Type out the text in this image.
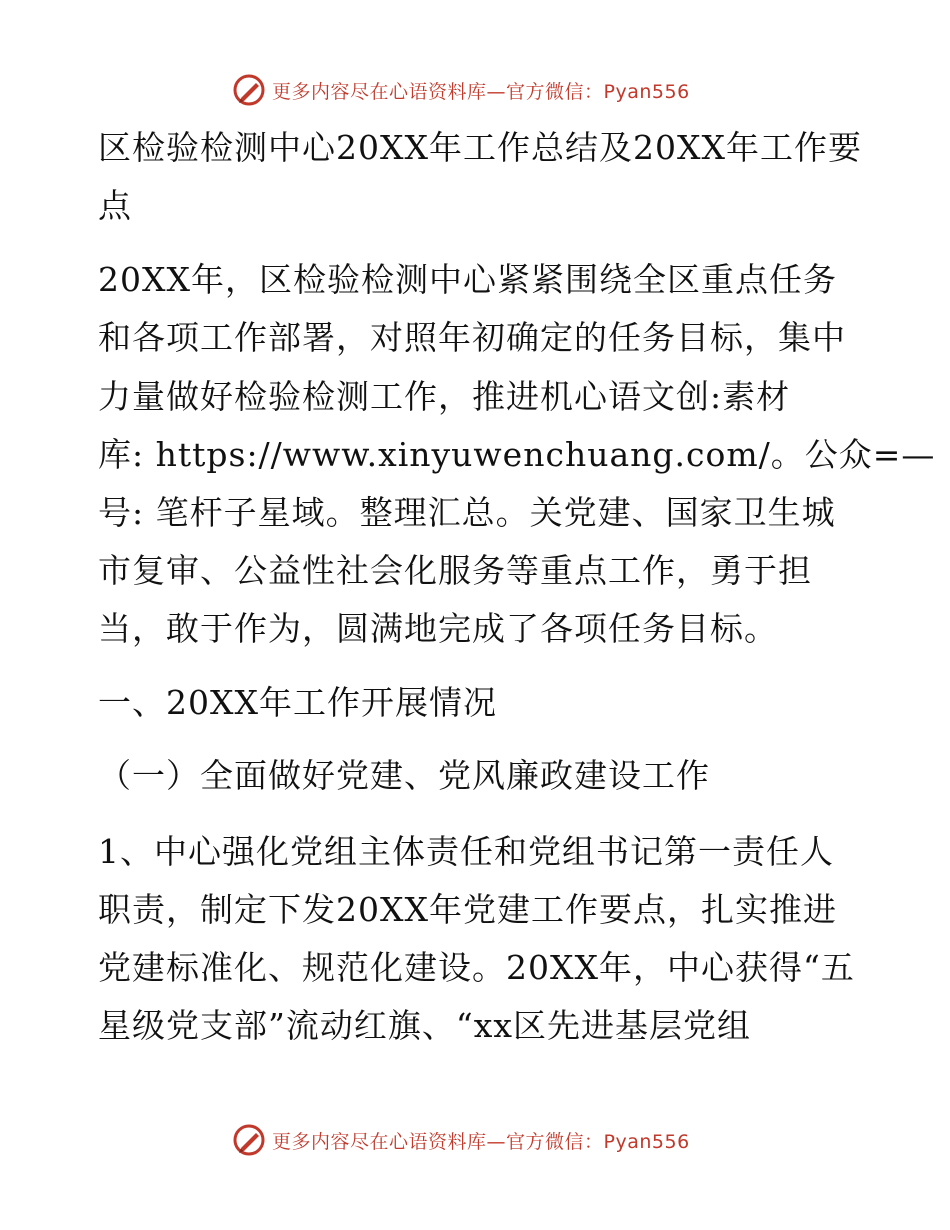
更多内容尽在心语资料库—官方微信：Pyan556
区检验检测中心20XX年工作总结及20XX年工作要
点
20XX年，区检验检测中心紧紧围绕全区重点任务
和各项工作部署，对照年初确定的任务目标，集中
力量做好检验检测工作，推进机心语文创:素材
库: https://www.xinyuwenchuang.com/。公众=—
号: 笔杆子星域。整理汇总。关党建、国家卫生城
市复审、公益性社会化服务等重点工作，勇于担
当，敢于作为，圆满地完成了各项任务目标。
一、20XX年工作开展情况
（一）全面做好党建、党风廉政建设工作
1、中心强化党组主体责任和党组书记第一责任人
职责，制定下发20XX年党建工作要点，扎实推进
党建标准化、规范化建设。20XX年，中心获得“五
星级党支部”流动红旗、“xx区先进基层党组
更多内容尽在心语资料库—官方微信：Pyan556
